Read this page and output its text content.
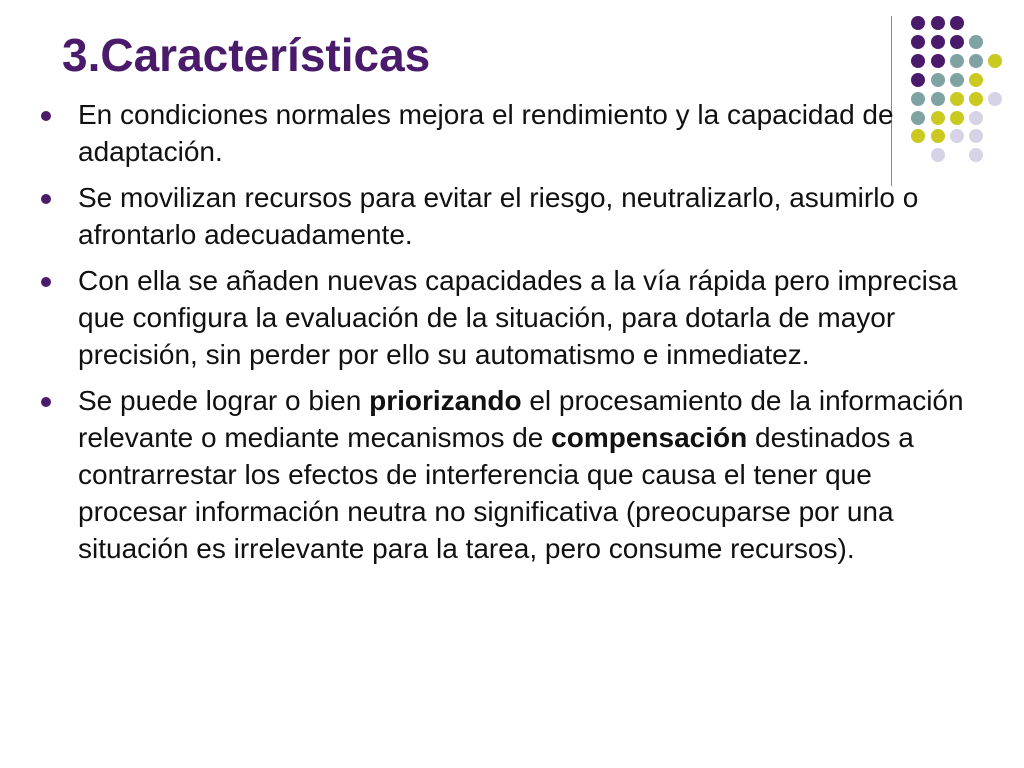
3.Características
En condiciones normales mejora el rendimiento y la capacidad de adaptación.
Se movilizan recursos para evitar el riesgo, neutralizarlo, asumirlo o afrontarlo adecuadamente.
Con ella se añaden nuevas capacidades a la vía rápida pero imprecisa que configura la evaluación de la situación, para dotarla de mayor precisión, sin perder por ello su automatismo e inmediatez.
Se puede lograr o bien priorizando el procesamiento de la información relevante o mediante mecanismos de compensación destinados a contrarrestar los efectos de interferencia que causa el tener que procesar información neutra no significativa (preocuparse por una situación es irrelevante para la tarea, pero consume recursos).
